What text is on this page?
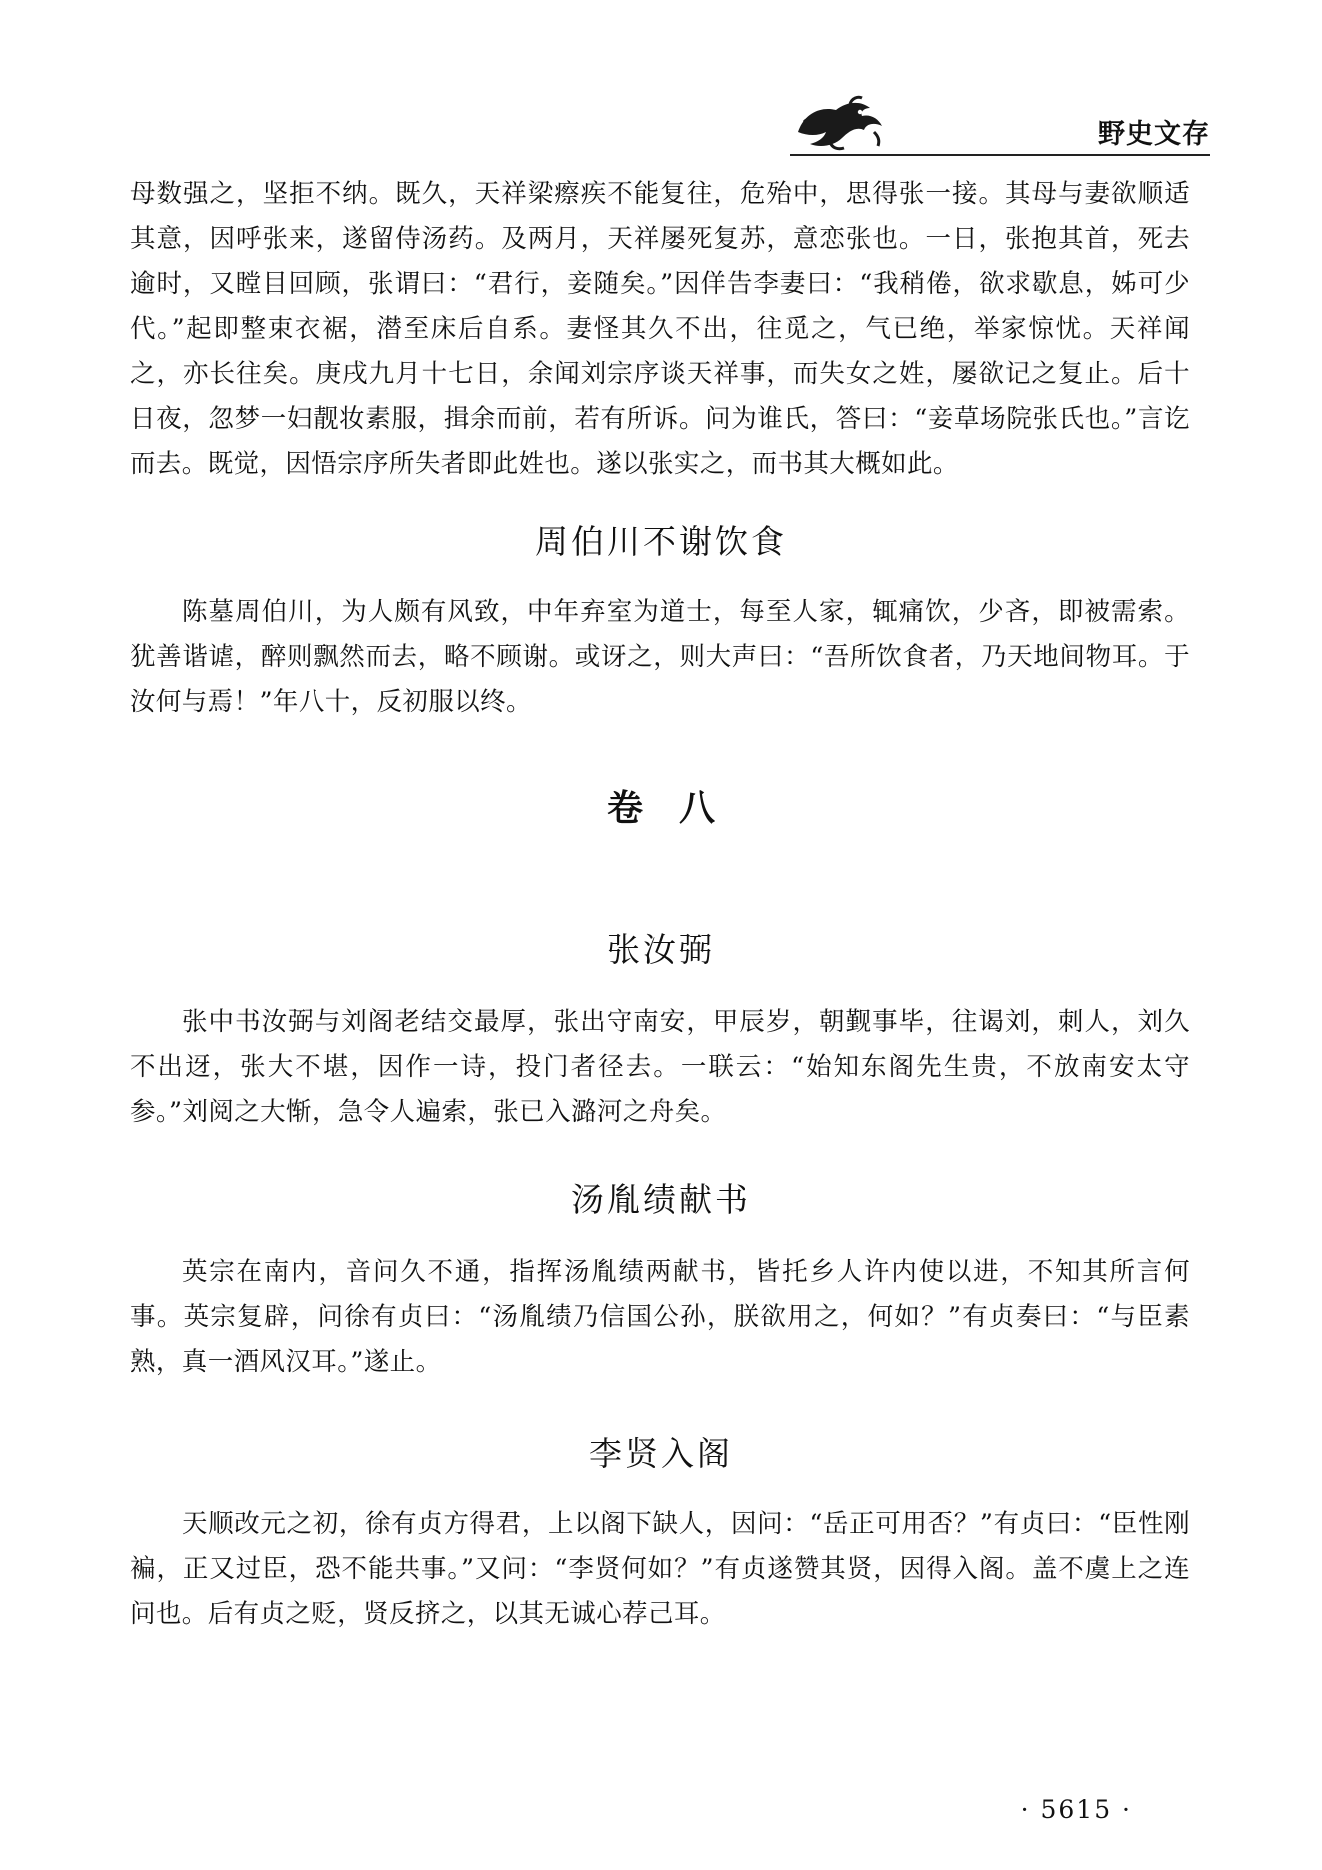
野史文存

母数强之，坚拒不纳。既久，天祥梁瘵疾不能复往，危殆中，思得张一接。其母与妻欲顺适其意，因呼张来，遂留侍汤药。及两月，天祥屡死复苏，意恋张也。一日，张抱其首，死去逾时，又瞠目回顾，张谓曰：“君行，妾随矣。”因佯告李妻曰：“我稍倦，欲求歇息，姊可少代。”起即整束衣裾，潜至床后自系。妻怪其久不出，往觅之，气已绝，举家惊忧。天祥闻之，亦长往矣。庚戌九月十七日，余闻刘宗序谈天祥事，而失女之姓，屡欲记之复止。后十日夜，忽梦一妇靓妆素服，揖余而前，若有所诉。问为谁氏，答曰：“妾草场院张氏也。”言讫而去。既觉，因悟宗序所失者即此姓也。遂以张实之，而书其大概如此。

周伯川不谢饮食

陈墓周伯川，为人颇有风致，中年弃室为道士，每至人家，辄痛饮，少吝，即被需索。犹善谐谑，醉则飘然而去，略不顾谢。或讶之，则大声曰：“吾所饮食者，乃天地间物耳。于汝何与焉！”年八十，反初服以终。

卷　八
张汝弼

张中书汝弼与刘阁老结交最厚，张出守南安，甲辰岁，朝觐事毕，往谒刘，刺人，刘久不出迓，张大不堪，因作一诗，投门者径去。一联云：“始知东阁先生贵，不放南安太守参。”刘阅之大惭，急令人遍索，张已入潞河之舟矣。

汤胤绩献书

英宗在南内，音问久不通，指挥汤胤绩两献书，皆托乡人许内使以进，不知其所言何事。英宗复辟，问徐有贞曰：“汤胤绩乃信国公孙，朕欲用之，何如？”有贞奏曰：“与臣素熟，真一酒风汉耳。”遂止。

李贤入阁

天顺改元之初，徐有贞方得君，上以阁下缺人，因问：“岳正可用否？”有贞曰：“臣性刚褊，正又过臣，恐不能共事。”又问：“李贤何如？”有贞遂赞其贤，因得入阁。盖不虞上之连问也。后有贞之贬，贤反挤之，以其无诚心荐己耳。

· 5615 ·
